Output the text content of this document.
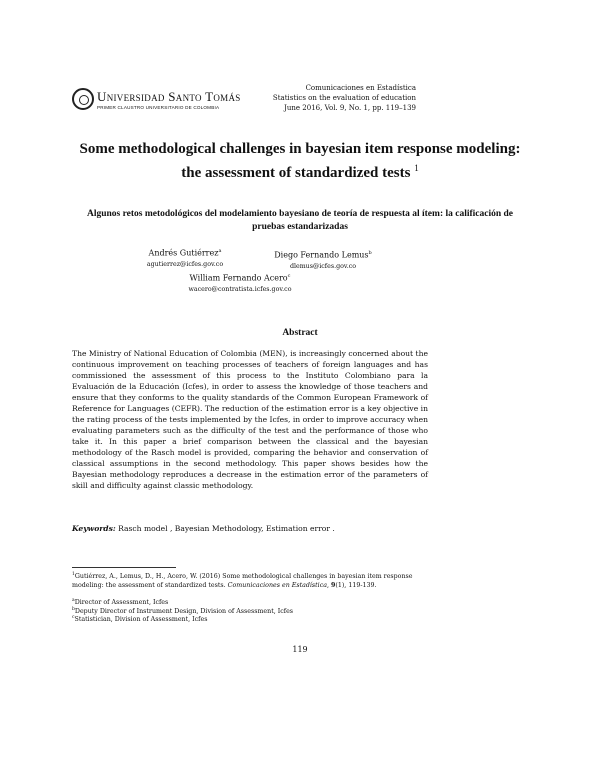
Universidad Santo Tomás
PRIMER CLAUSTRO UNIVERSITARIO DE COLOMBIA
Comunicaciones en Estadística
Statistics on the evaluation of education
June 2016, Vol. 9, No. 1, pp. 119–139
Some methodological challenges in bayesian item response modeling: the assessment of standardized tests $^1$
Algunos retos metodológicos del modelamiento bayesiano de teoría de respuesta al ítem: la calificación de pruebas estandarizadas
Andrés Gutiérrez$^a$
agutierrez@icfes.gov.co
Diego Fernando Lemus$^b$
dlemus@icfes.gov.co
William Fernando Acero$^c$
wacero@contratista.icfes.gov.co
Abstract

The Ministry of National Education of Colombia (MEN), is increasingly concerned about the continuous improvement on teaching processes of teachers of foreign languages and has commissioned the assessment of this process to the Instituto Colombiano para la Evaluación de la Educación (Icfes), in order to assess the knowledge of those teachers and ensure that they conforms to the quality standards of the Common European Framework of Reference for Languages (CEFR). The reduction of the estimation error is a key objective in the rating process of the tests implemented by the Icfes, in order to improve accuracy when evaluating parameters such as the difficulty of the test and the performance of those who take it. In this paper a brief comparison between the classical and the bayesian methodology of the Rasch model is provided, comparing the behavior and conservation of classical assumptions in the second methodology. This paper shows besides how the Bayesian methodology reproduces a decrease in the estimation error of the parameters of skill and difficulty against classic methodology.

Keywords: Rasch model , Bayesian Methodology, Estimation error .
$^1$Gutiérrez, A., Lemus, D., H., Acero, W. (2016) Some methodological challenges in bayesian item response modeling: the assessment of standardized tests. Comunicaciones en Estadística, 9(1), 119-139.
$^a$Director of Assessment, Icfes
$^b$Deputy Director of Instrument Design, Division of Assessment, Icfes
$^c$Statistician, Division of Assessment, Icfes
119
